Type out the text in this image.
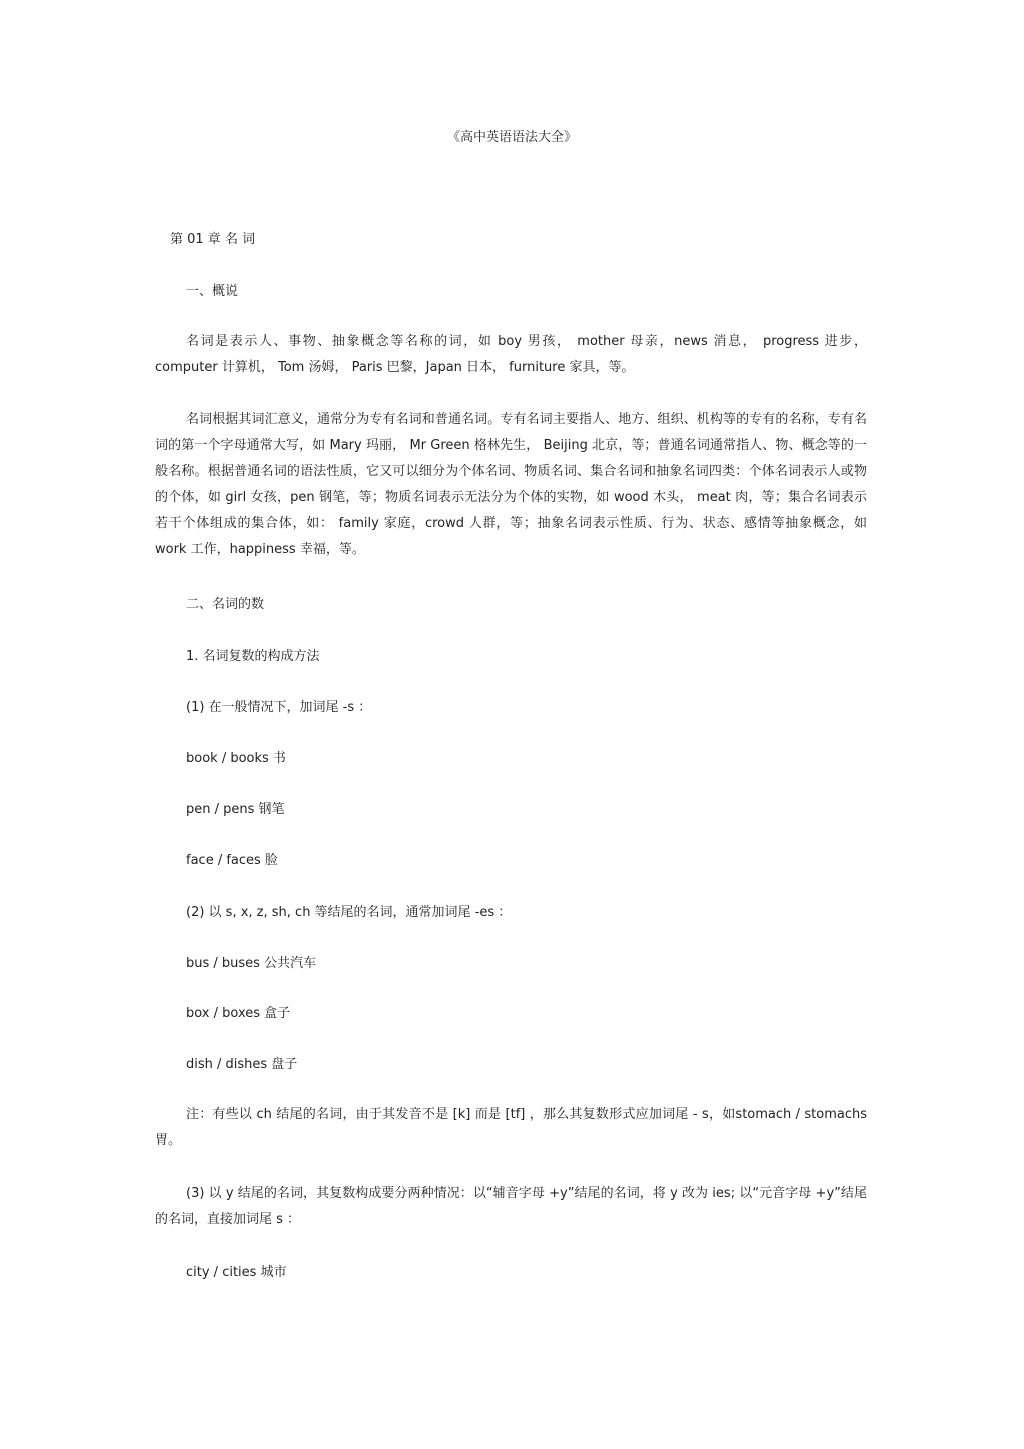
《高中英语语法大全》
第 01 章 名 词
一、概说
名词是表示人、事物、抽象概念等名称的词，如 boy 男孩， mother 母亲，news 消息， progress 进步，computer 计算机， Tom 汤姆， Paris 巴黎，Japan 日本， furniture 家具，等。
名词根据其词汇意义，通常分为专有名词和普通名词。专有名词主要指人、地方、组织、机构等的专有的名称，专有名词的第一个字母通常大写，如 Mary 玛丽， Mr Green 格林先生， Beijing 北京，等；普通名词通常指人、物、概念等的一般名称。根据普通名词的语法性质，它又可以细分为个体名词、物质名词、集合名词和抽象名词四类：个体名词表示人或物的个体，如 girl 女孩，pen 钢笔，等；物质名词表示无法分为个体的实物，如 wood 木头， meat 肉，等；集合名词表示若干个体组成的集合体，如： family 家庭，crowd 人群，等；抽象名词表示性质、行为、状态、感情等抽象概念，如 work 工作，happiness 幸福，等。
二、名词的数
1. 名词复数的构成方法
(1) 在一般情况下，加词尾 -s ：
book / books 书
pen / pens 钢笔
face / faces 脸
(2) 以 s, x, z, sh, ch 等结尾的名词，通常加词尾 -es ：
bus / buses 公共汽车
box / boxes 盒子
dish / dishes 盘子
注：有些以 ch 结尾的名词，由于其发音不是 [k] 而是 [tf] ，那么其复数形式应加词尾 - s，如stomach / stomachs 胃。
(3) 以 y 结尾的名词，其复数构成要分两种情况：以“辅音字母 +y”结尾的名词，将 y 改为 ies; 以“元音字母 +y”结尾的名词，直接加词尾 s ：
city / cities 城市
